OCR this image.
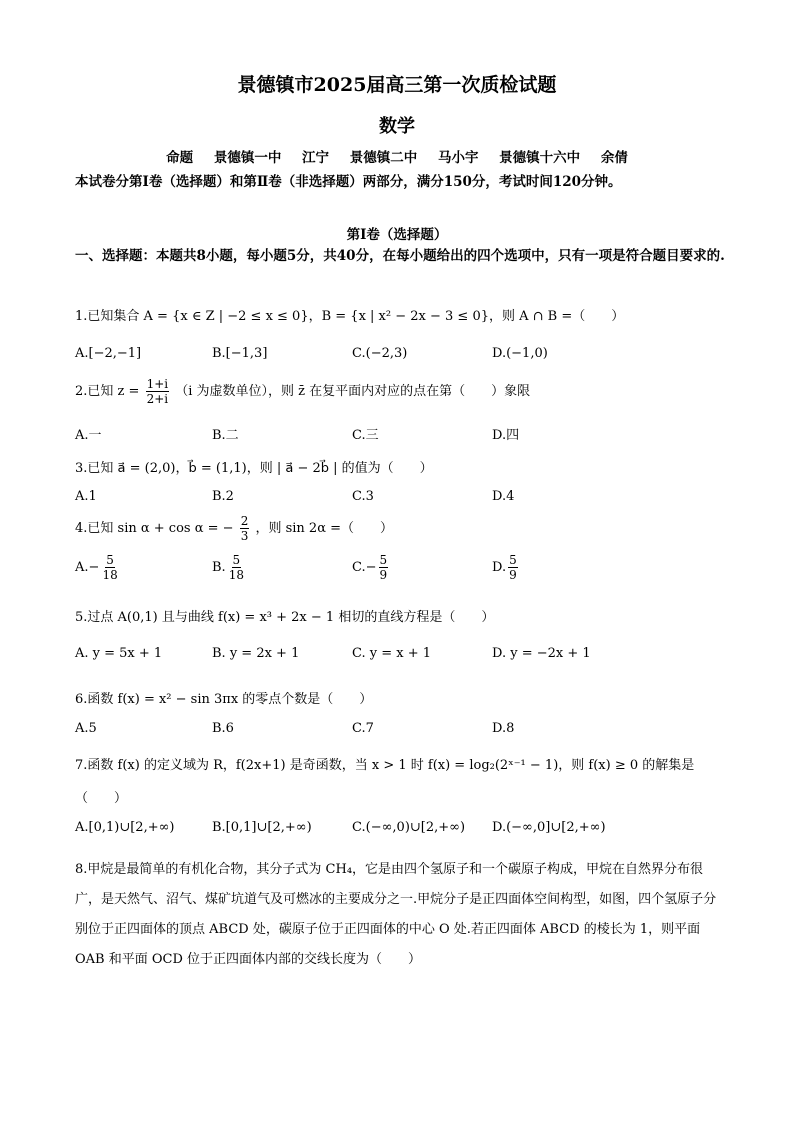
景德镇市2025届高三第一次质检试题
数学
命题 景德镇一中 江宁 景德镇二中 马小宇 景德镇十六中 余倩
本试卷分第Ⅰ卷（选择题）和第Ⅱ卷（非选择题）两部分，满分150分，考试时间120分钟。
第Ⅰ卷（选择题）
一、选择题：本题共8小题，每小题5分，共40分，在每小题给出的四个选项中，只有一项是符合题目要求的.
1.已知集合 A = {x ∈ Z | −2 ≤ x ≤ 0}，B = {x | x² − 2x − 3 ≤ 0}，则 A ∩ B =（　　）
A.[−2,−1]	B.[−1,3]	C.(−2,3)	D.(−1,0)
2.已知 $z = \frac{1+i}{2+i} (i$ 为虚数单位），则 z̄ 在复平面内对应的点在第（　　）象限
A.一	B.二	C.三	D.四
3.已知 a⃗ = (2,0)，b⃗ = (1,1)，则 | a⃗ − 2b⃗ | 的值为（　　）
A.1	B.2	C.3	D.4
4.已知 sin α + cos α = − $\frac{2}{3}$ ，则 sin 2α =（　　）
$A.- \frac{5}{18}$	B. $\frac{5}{18}$	$C.- \frac{5}{9}$	D. $\frac{5}{9}$
5.过点 A(0,1) 且与曲线 f(x) = x³ + 2x − 1 相切的直线方程是（　　）
A. y = 5x + 1	B. y = 2x + 1	C. y = x + 1	D. y = −2x + 1
6.函数 f(x) = x² − sin 3πx 的零点个数是（　　）
A.5	B.6	C.7	D.8
7.函数 f(x) 的定义域为 R，f(2x+1) 是奇函数，当 x > 1 时 f(x) = log₂(2ˣ⁻¹ − 1)，则 f(x) ≥ 0 的解集是
（　　）
A.[0,1)∪[2,+∞)	B.[0,1]∪[2,+∞)	C.(−∞,0)∪[2,+∞) D.(−∞,0]∪[2,+∞)
8.甲烷是最简单的有机化合物，其分子式为 CH₄，它是由四个氢原子和一个碳原子构成，甲烷在自然界分布很广，是天然气、沼气、煤矿坑道气及可燃冰的主要成分之一.甲烷分子是正四面体空间构型，如图，四个氢原子分别位于正四面体的顶点 ABCD 处，碳原子位于正四面体的中心 O 处.若正四面体 ABCD 的棱长为 1，则平面 OAB 和平面 OCD 位于正四面体内部的交线长度为（　　）
